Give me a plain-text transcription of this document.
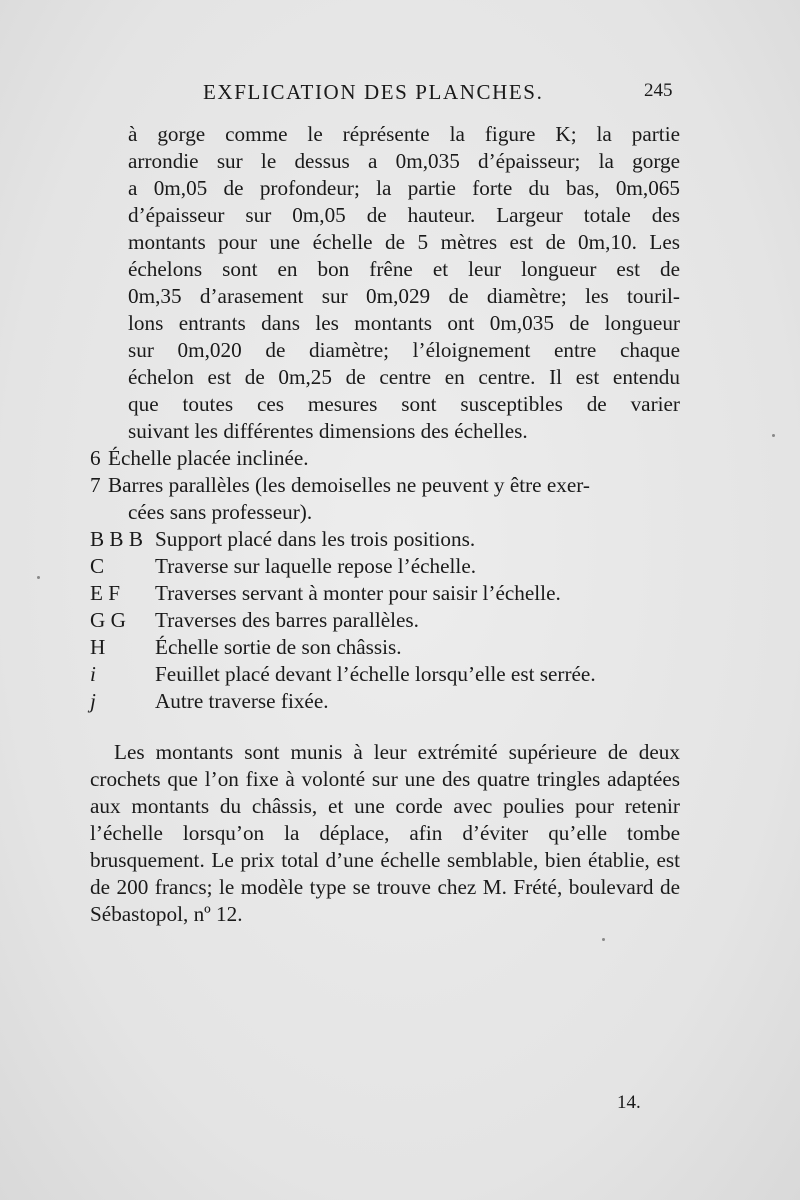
EXFLICATION DES PLANCHES.	245
à gorge comme le réprésente la figure K; la partie
arrondie sur le dessus a 0m,035 d’épaisseur; la gorge
a 0m,05 de profondeur; la partie forte du bas, 0m,065
d’épaisseur sur 0m,05 de hauteur. Largeur totale des
montants pour une échelle de 5 mètres est de 0m,10. Les
échelons sont en bon frêne et leur longueur est de
0m,35 d’arasement sur 0m,029 de diamètre; les touril-
lons entrants dans les montants ont 0m,035 de longueur
sur 0m,020 de diamètre; l’éloignement entre chaque
échelon est de 0m,25 de centre en centre. Il est entendu
que toutes ces mesures sont susceptibles de varier
suivant les différentes dimensions des échelles.
6 Échelle placée inclinée.
7 Barres parallèles (les demoiselles ne peuvent y être exer-
cées sans professeur).
B B B Support placé dans les trois positions.
C	Traverse sur laquelle repose l’échelle.
E F	Traverses servant à monter pour saisir l’échelle.
G G	Traverses des barres parallèles.
H	Échelle sortie de son châssis.
i	Feuillet placé devant l’échelle lorsqu’elle est serrée.
j	Autre traverse fixée.

Les montants sont munis à leur extrémité supérieure de deux crochets que l’on fixe à volonté sur une des quatre tringles adaptées aux montants du châssis, et une corde avec poulies pour retenir l’échelle lorsqu’on la déplace, afin d’éviter qu’elle tombe brusquement. Le prix total d’une échelle semblable, bien établie, est de 200 francs; le modèle type se trouve chez M. Frété, boulevard de Sébastopol, nº 12.

14.
